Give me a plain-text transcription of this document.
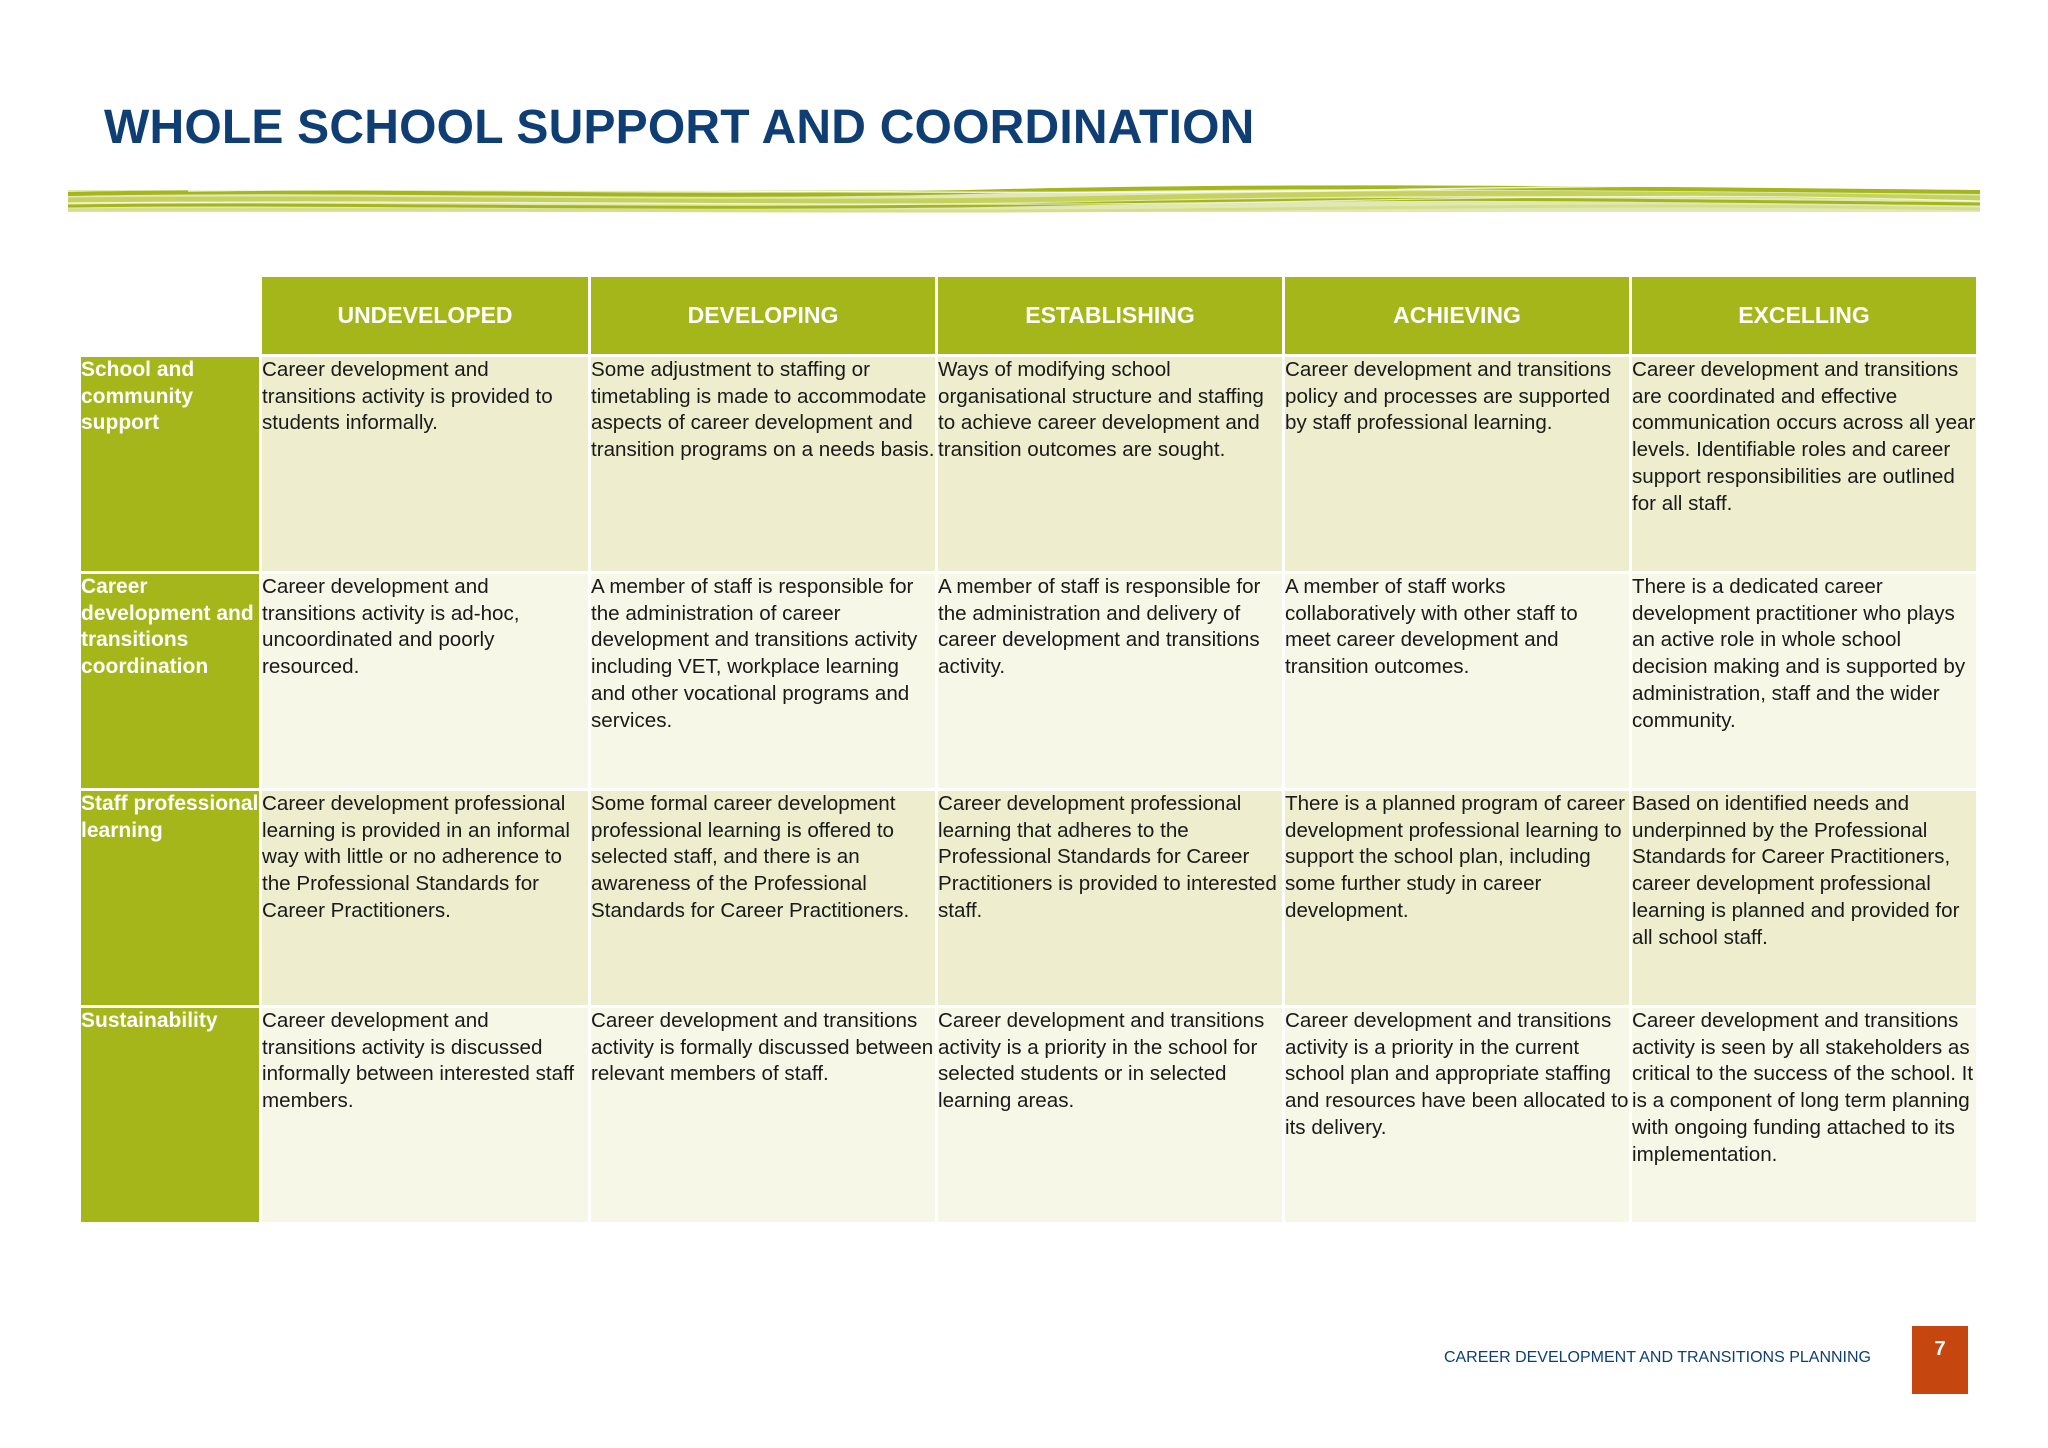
WHOLE SCHOOL SUPPORT AND COORDINATION
	UNDEVELOPED	DEVELOPING	ESTABLISHING	ACHIEVING	EXCELLING
School and community support	Career development and transitions activity is provided to students informally.	Some adjustment to staffing or timetabling is made to accommodate aspects of career development and transition programs on a needs basis.	Ways of modifying school organisational structure and staffing to achieve career development and transition outcomes are sought.	Career development and transitions policy and processes are supported by staff professional learning.	Career development and transitions are coordinated and effective communication occurs across all year levels. Identifiable roles and career support responsibilities are outlined for all staff.
Career development and transitions coordination	Career development and transitions activity is ad-hoc, uncoordinated and poorly resourced.	A member of staff is responsible for the administration of career development and transitions activity including VET, workplace learning and other vocational programs and services.	A member of staff is responsible for the administration and delivery of career development and transitions activity.	A member of staff works collaboratively with other staff to meet career development and transition outcomes.	There is a dedicated career development practitioner who plays an active role in whole school decision making and is supported by administration, staff and the wider community.
Staff professional learning	Career development professional learning is provided in an informal way with little or no adherence to the Professional Standards for Career Practitioners.	Some formal career development professional learning is offered to selected staff, and there is an awareness of the Professional Standards for Career Practitioners.	Career development professional learning that adheres to the Professional Standards for Career Practitioners is provided to interested staff.	There is a planned program of career development professional learning to support the school plan, including some further study in career development.	Based on identified needs and underpinned by the Professional Standards for Career Practitioners, career development professional learning is planned and provided for all school staff.
Sustainability	Career development and transitions activity is discussed informally between interested staff members.	Career development and transitions activity is formally discussed between relevant members of staff.	Career development and transitions activity is a priority in the school for selected students or in selected learning areas.	Career development and transitions activity is a priority in the current school plan and appropriate staffing and resources have been allocated to its delivery.	Career development and transitions activity is seen by all stakeholders as critical to the success of the school. It is a component of long term planning with ongoing funding attached to its implementation.
CAREER DEVELOPMENT AND TRANSITIONS PLANNING	7
